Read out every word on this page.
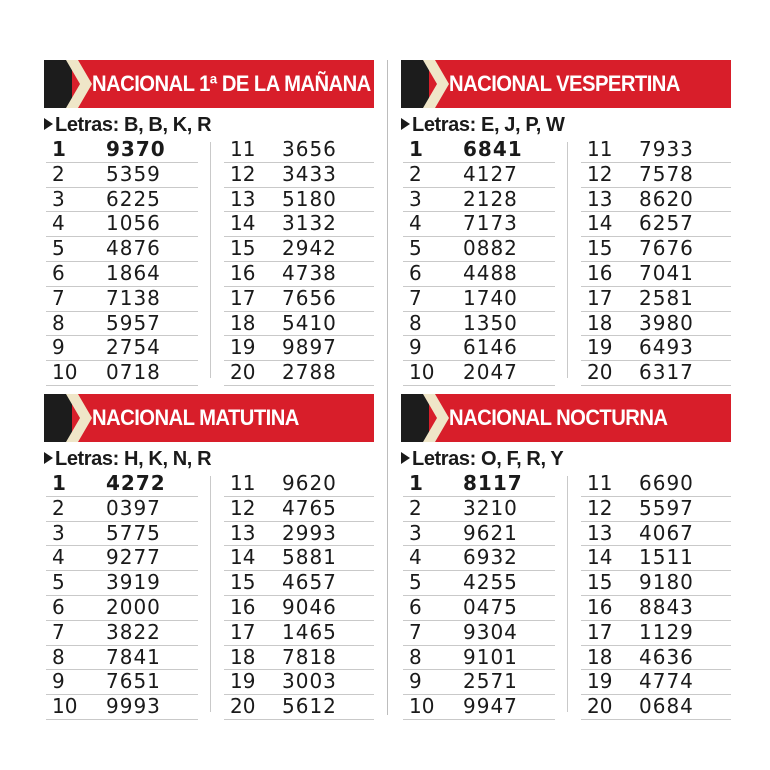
NACIONAL 1ª DE LA MAÑANA
Letras: B, B, K, R
1	9370
2	5359
3	6225
4	1056
5	4876
6	1864
7	7138
8	5957
9	2754
10	0718
11	3656
12	3433
13	5180
14	3132
15	2942
16	4738
17	7656
18	5410
19	9897
20	2788
NACIONAL VESPERTINA
Letras: E, J, P, W
1	6841
2	4127
3	2128
4	7173
5	0882
6	4488
7	1740
8	1350
9	6146
10	2047
11	7933
12	7578
13	8620
14	6257
15	7676
16	7041
17	2581
18	3980
19	6493
20	6317
NACIONAL MATUTINA
Letras: H, K, N, R
1	4272
2	0397
3	5775
4	9277
5	3919
6	2000
7	3822
8	7841
9	7651
10	9993
11	9620
12	4765
13	2993
14	5881
15	4657
16	9046
17	1465
18	7818
19	3003
20	5612
NACIONAL NOCTURNA
Letras: O, F, R, Y
1	8117
2	3210
3	9621
4	6932
5	4255
6	0475
7	9304
8	9101
9	2571
10	9947
11	6690
12	5597
13	4067
14	1511
15	9180
16	8843
17	1129
18	4636
19	4774
20	0684
